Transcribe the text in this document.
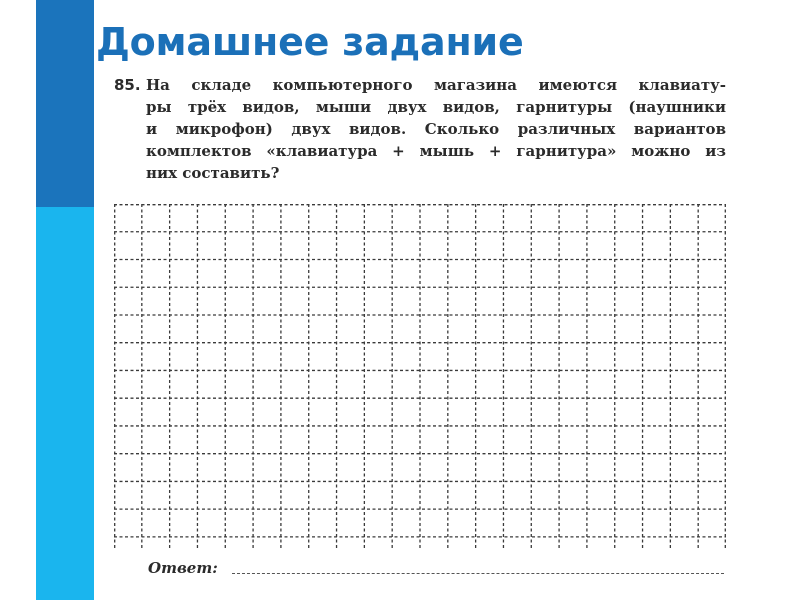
Домашнее задание
85. На складе компьютерного магазина имеются клавиату-
ры трёх видов, мыши двух видов, гарнитуры (наушники
и микрофон) двух видов. Сколько различных вариантов
комплектов «клавиатура + мышь + гарнитура» можно из
них составить?
Ответ:
